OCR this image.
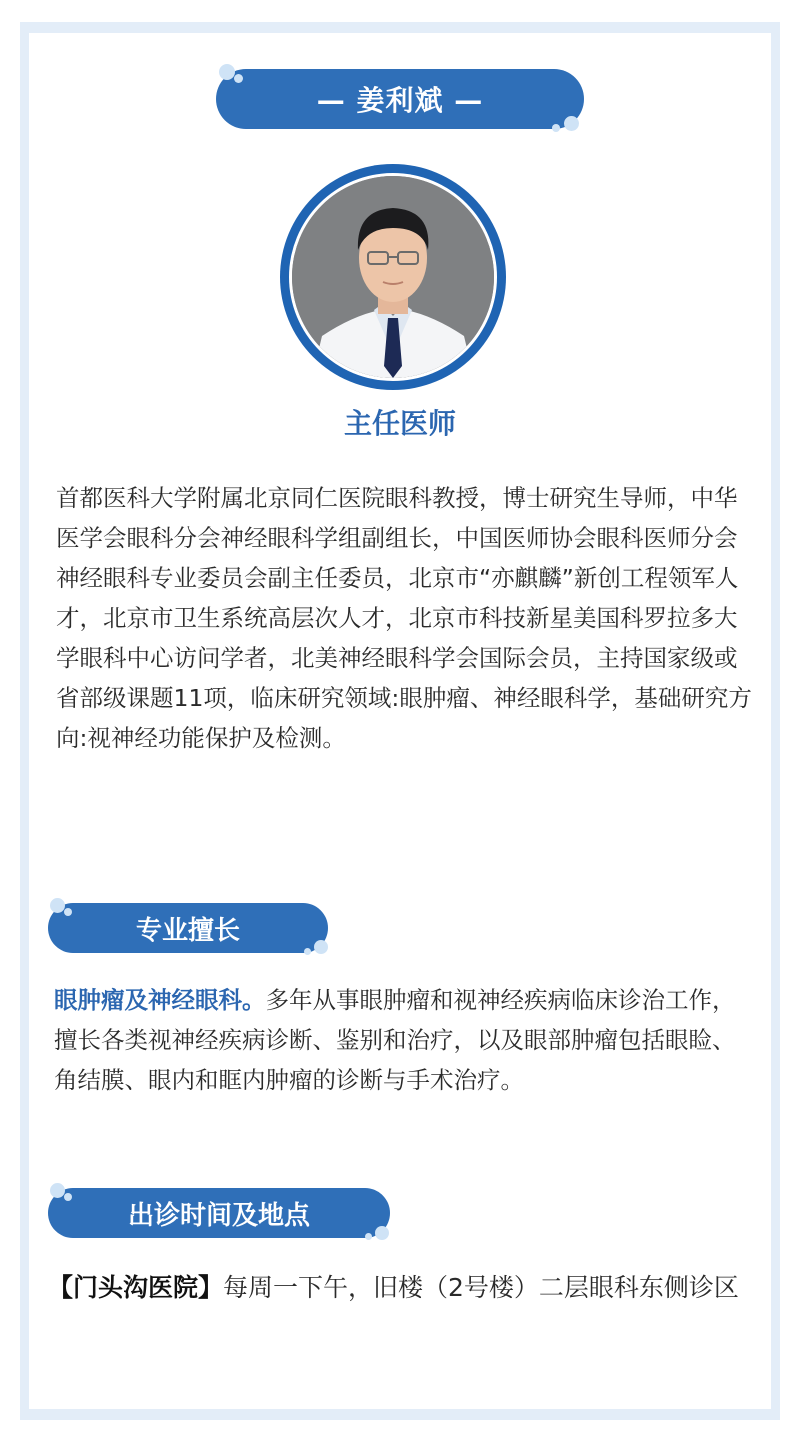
— 姜利斌 —

主任医师

首都医科大学附属北京同仁医院眼科教授，博士研究生导师，中华医学会眼科分会神经眼科学组副组长，中国医师协会眼科医师分会神经眼科专业委员会副主任委员，北京市“亦麒麟”新创工程领军人才，北京市卫生系统高层次人才，北京市科技新星美国科罗拉多大学眼科中心访问学者，北美神经眼科学会国际会员，主持国家级或省部级课题11项，临床研究领域:眼肿瘤、神经眼科学，基础研究方向:视神经功能保护及检测。

专业擅长

眼肿瘤及神经眼科。多年从事眼肿瘤和视神经疾病临床诊治工作，擅长各类视神经疾病诊断、鉴别和治疗，以及眼部肿瘤包括眼睑、角结膜、眼内和眶内肿瘤的诊断与手术治疗。

出诊时间及地点

【门头沟医院】每周一下午，旧楼（2号楼）二层眼科东侧诊区
